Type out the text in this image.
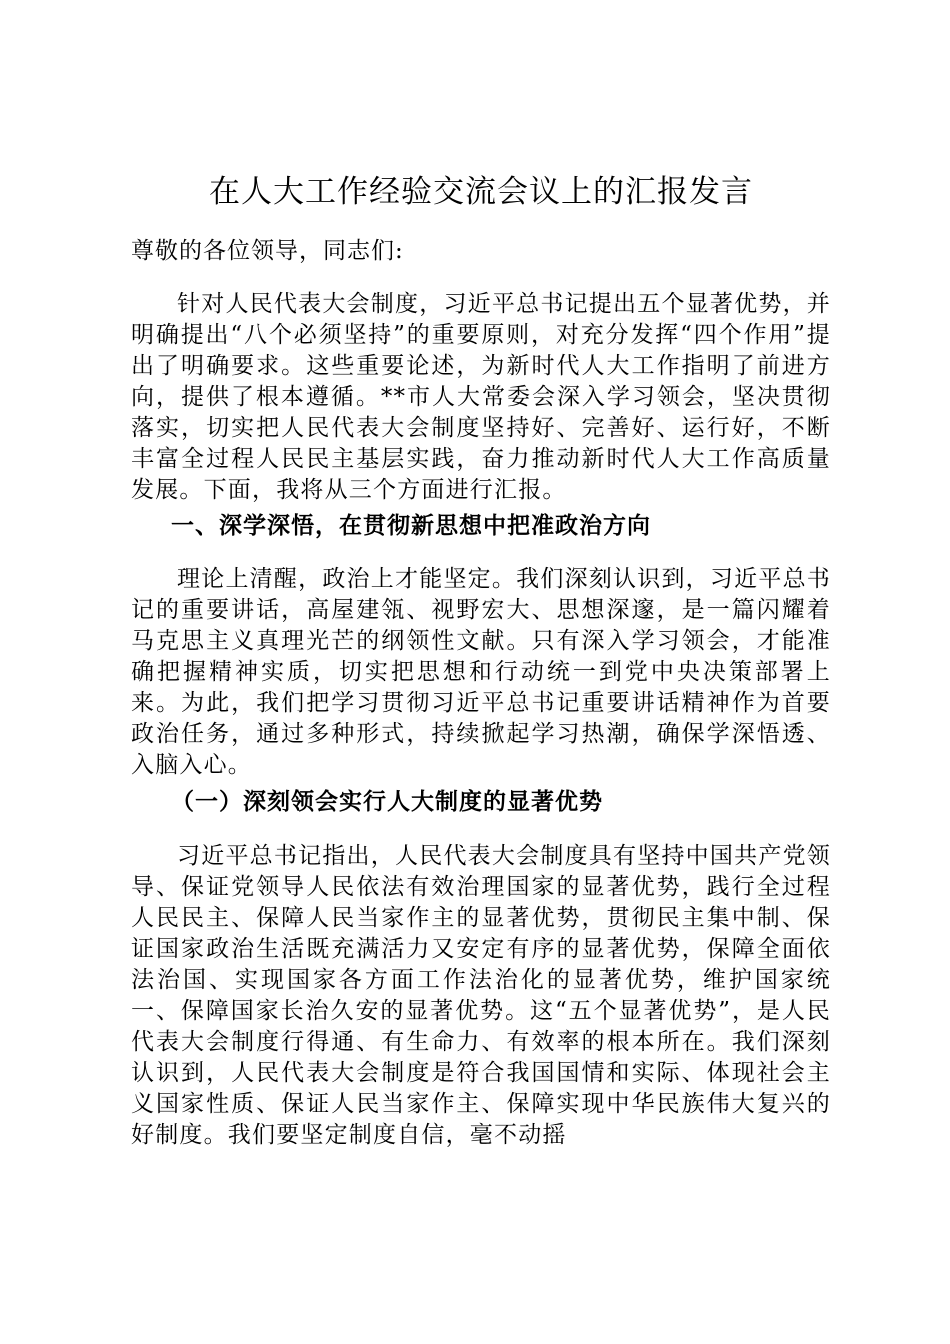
在人大工作经验交流会议上的汇报发言
尊敬的各位领导，同志们:

针对人民代表大会制度，习近平总书记提出五个显著优势，并明确提出“八个必须坚持”的重要原则，对充分发挥“四个作用”提出了明确要求。这些重要论述，为新时代人大工作指明了前进方向，提供了根本遵循。**市人大常委会深入学习领会，坚决贯彻落实，切实把人民代表大会制度坚持好、完善好、运行好，不断丰富全过程人民民主基层实践，奋力推动新时代人大工作高质量发展。下面，我将从三个方面进行汇报。

一、深学深悟，在贯彻新思想中把准政治方向

理论上清醒，政治上才能坚定。我们深刻认识到，习近平总书记的重要讲话，高屋建瓴、视野宏大、思想深邃，是一篇闪耀着马克思主义真理光芒的纲领性文献。只有深入学习领会，才能准确把握精神实质，切实把思想和行动统一到党中央决策部署上来。为此，我们把学习贯彻习近平总书记重要讲话精神作为首要政治任务，通过多种形式，持续掀起学习热潮，确保学深悟透、入脑入心。

（一）深刻领会实行人大制度的显著优势

习近平总书记指出，人民代表大会制度具有坚持中国共产党领导、保证党领导人民依法有效治理国家的显著优势，践行全过程人民民主、保障人民当家作主的显著优势，贯彻民主集中制、保证国家政治生活既充满活力又安定有序的显著优势，保障全面依法治国、实现国家各方面工作法治化的显著优势，维护国家统一、保障国家长治久安的显著优势。这“五个显著优势”，是人民代表大会制度行得通、有生命力、有效率的根本所在。我们深刻认识到，人民代表大会制度是符合我国国情和实际、体现社会主义国家性质、保证人民当家作主、保障实现中华民族伟大复兴的好制度。我们要坚定制度自信，毫不动摇
